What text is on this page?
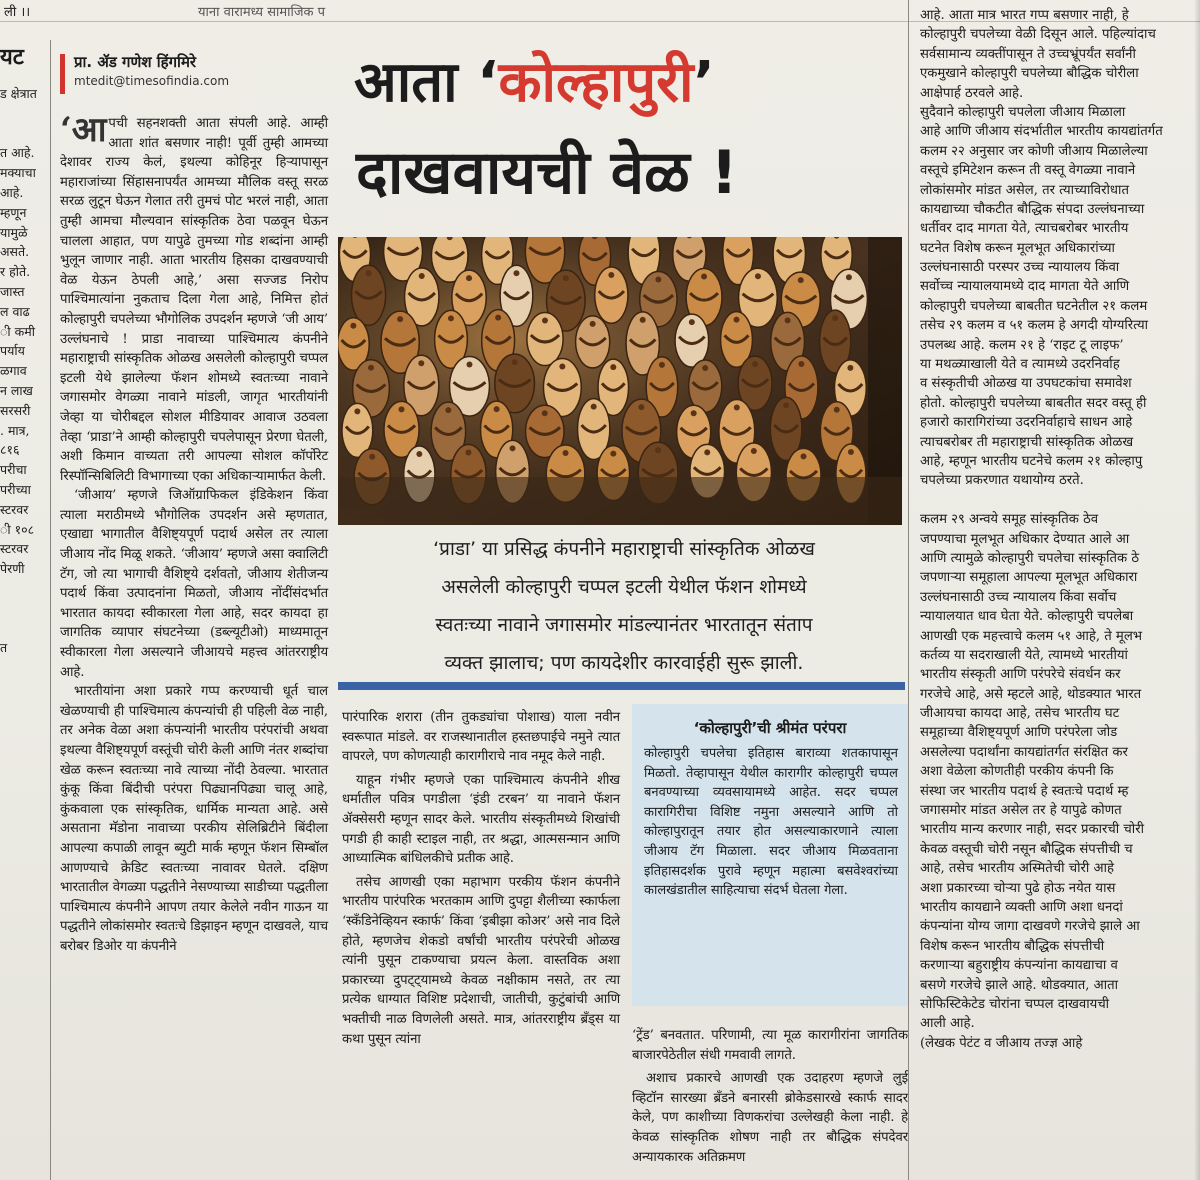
ली ।।	याना वारामध्य सामाजिक प
यट
ड क्षेत्रात
त आहे.
मक्याचा
आहे.
म्हणून
यामुळे
असते.
र होते.
जास्त
ल वाढ
ी कमी
पर्याय
ळगाव
न लाख
सरसरी
. मात्र,
८१६
परीचा
परीच्या
स्टरवर
ी १०८
स्टरवर
पेरणी
त
प्रा. ॲड गणेश हिंगमिरे
mtedit@timesofindia.com

‘आपची सहनशक्ती आता संपली आहे. आम्ही आता शांत बसणार नाही! पूर्वी तुम्ही आमच्या देशावर राज्य केलं, इथल्या कोहिनूर हिऱ्यापासून महाराजांच्या सिंहासनापर्यंत आमच्या मौलिक वस्तू सरळ सरळ लुटून घेऊन गेलात तरी तुमचं पोट भरलं नाही, आता तुम्ही आमचा मौल्यवान सांस्कृतिक ठेवा पळवून घेऊन चालला आहात, पण यापुढे तुमच्या गोड शब्दांना आम्ही भुलून जाणार नाही. आता भारतीय हिसका दाखवण्याची वेळ येऊन ठेपली आहे,’ असा सज्जड निरोप पाश्चिमात्यांना नुकताच दिला गेला आहे, निमित्त होतं कोल्हापुरी चपलेच्या भौगोलिक उपदर्शन म्हणजे ‘जी आय’ उल्लंघनाचे ! प्राडा नावाच्या पाश्चिमात्य कंपनीने महाराष्ट्राची सांस्कृतिक ओळख असलेली कोल्हापुरी चप्पल इटली येथे झालेल्या फॅशन शोमध्ये स्वतःच्या नावाने जगासमोर वेगळ्या नावाने मांडली, जागृत भारतीयांनी जेव्हा या चोरीबद्दल सोशल मीडियावर आवाज उठवला तेव्हा ‘प्राडा’ने आम्ही कोल्हापुरी चपलेपासून प्रेरणा घेतली, अशी किमान वाच्यता तरी आपल्या सोशल कॉर्पोरेट रिस्पॉन्सिबिलिटी विभागाच्या एका अधिकाऱ्यामार्फत केली.

‘जीआय’ म्हणजे जिऑग्राफिकल इंडिकेशन किंवा त्याला मराठीमध्ये भौगोलिक उपदर्शन असे म्हणतात, एखाद्या भागातील वैशिष्ट्यपूर्ण पदार्थ असेल तर त्याला जीआय नोंद मिळू शकते. ‘जीआय’ म्हणजे असा क्वालिटी टॅग, जो त्या भागाची वैशिष्ट्ये दर्शवतो, जीआय शेतीजन्य पदार्थ किंवा उत्पादनांना मिळतो, जीआय नोंदींसंदर्भात भारतात कायदा स्वीकारला गेला आहे, सदर कायदा हा जागतिक व्यापार संघटनेच्या (डब्ल्यूटीओ) माध्यमातून स्वीकारला गेला असल्याने जीआयचे महत्त्व आंतरराष्ट्रीय आहे.

भारतीयांना अशा प्रकारे गप्प करण्याची धूर्त चाल खेळण्याची ही पाश्चिमात्य कंपन्यांची ही पहिली वेळ नाही, तर अनेक वेळा अशा कंपन्यांनी भारतीय परंपरांची अथवा इथल्या वैशिष्ट्यपूर्ण वस्तूंची चोरी केली आणि नंतर शब्दांचा खेळ करून स्वतःच्या नावे त्याच्या नोंदी ठेवल्या. भारतात कुंकू किंवा बिंदीची परंपरा पिढ्यानपिढ्या चालू आहे, कुंकवाला एक सांस्कृतिक, धार्मिक मान्यता आहे. असे असताना मॅडोना नावाच्या परकीय सेलिब्रिटीने बिंदीला आपल्या कपाळी लावून ब्युटी मार्क म्हणून फॅशन सिम्बॉल आणण्याचे क्रेडिट स्वतःच्या नावावर घेतले. दक्षिण भारतातील वेगळ्या पद्धतीने नेसण्याच्या साडीच्या पद्धतीला पाश्चिमात्य कंपनीने आपण तयार केलेले नवीन गाऊन या पद्धतीने लोकांसमोर स्वतःचे डिझाइन म्हणून दाखवले, याच बरोबर डिओर या कंपनीने

आता ‘कोल्हापुरी’
दाखवायची वेळ !
‘प्राडा’ या प्रसिद्ध कंपनीने महाराष्ट्राची सांस्कृतिक ओळख
असलेली कोल्हापुरी चप्पल इटली येथील फॅशन शोमध्ये
स्वतःच्या नावाने जगासमोर मांडल्यानंतर भारतातून संताप
व्यक्त झालाच; पण कायदेशीर कारवाईही सुरू झाली.

पारंपारिक शरारा (तीन तुकड्यांचा पोशाख) याला नवीन स्वरूपात मांडले. वर राजस्थानातील हस्तछपाईचे नमुने त्यात वापरले, पण कोणत्याही कारागीराचे नाव नमूद केले नाही.

याहून गंभीर म्हणजे एका पाश्चिमात्य कंपनीने शीख धर्मातील पवित्र पगडीला ‘इंडी टरबन’ या नावाने फॅशन ॲक्सेसरी म्हणून सादर केले. भारतीय संस्कृतीमध्ये शिखांची पगडी ही काही स्टाइल नाही, तर श्रद्धा, आत्मसन्मान आणि आध्यात्मिक बांधिलकीचे प्रतीक आहे.

तसेच आणखी एका महाभाग परकीय फॅशन कंपनीने भारतीय पारंपरिक भरतकाम आणि दुपट्टा शैलीच्या स्कार्फला ‘स्कॅंडिनेव्हियन स्कार्फ’ किंवा ‘इबीझा कोअर’ असे नाव दिले होते, म्हणजेच शेकडो वर्षांची भारतीय परंपरेची ओळख त्यांनी पुसून टाकण्याचा प्रयत्न केला. वास्तविक अशा प्रकारच्या दुपट्ट्यामध्ये केवळ नक्षीकाम नसते, तर त्या प्रत्येक धाग्यात विशिष्ट प्रदेशाची, जातीची, कुटुंबांची आणि भक्तीची नाळ विणलेली असते. मात्र, आंतरराष्ट्रीय ब्रॅंड्स या कथा पुसून त्यांना

‘कोल्हापुरी’ची श्रीमंत परंपरा

कोल्हापुरी चपलेचा इतिहास बाराव्या शतकापासून मिळतो. तेव्हापासून येथील कारागीर कोल्हापुरी चप्पल बनवण्याच्या व्यवसायामध्ये आहेत. सदर चप्पल कारागिरीचा विशिष्ट नमुना असल्याने आणि तो कोल्हापुरातून तयार होत असल्याकारणाने त्याला जीआय टॅग मिळाला. सदर जीआय मिळवताना इतिहासदर्शक पुरावे म्हणून महात्मा बसवेश्वरांच्या कालखंडातील साहित्याचा संदर्भ घेतला गेला.

‘ट्रेंड’ बनवतात. परिणामी, त्या मूळ कारागीरांना जागतिक बाजारपेठेतील संधी गमवावी लागते.

अशाच प्रकारचे आणखी एक उदाहरण म्हणजे लुई व्हिटॉन सारख्या ब्रॅंडने बनारसी ब्रोकेडसारखे स्कार्फ सादर केले, पण काशीच्या विणकरांचा उल्लेखही केला नाही. हे केवळ सांस्कृतिक शोषण नाही तर बौद्धिक संपदेवर अन्यायकारक अतिक्रमण

आहे. आता मात्र भारत गप्प बसणार नाही, हे
कोल्हापुरी चपलेच्या वेळी दिसून आले. पहिल्यांदाच
सर्वसामान्य व्यक्तींपासून ते उच्चभ्रूंपर्यंत सर्वांनी
एकमुखाने कोल्हापुरी चपलेच्या बौद्धिक चोरीला
आक्षेपार्ह ठरवले आहे.
सुदैवाने कोल्हापुरी चपलेला जीआय मिळाला
आहे आणि जीआय संदर्भातील भारतीय कायद्यांतर्गत
कलम २२ अनुसार जर कोणी जीआय मिळालेल्या
वस्तूचे इमिटेशन करून ती वस्तू वेगळ्या नावाने
लोकांसमोर मांडत असेल, तर त्याच्याविरोधात
कायद्याच्या चौकटीत बौद्धिक संपदा उल्लंघनाच्या
धर्तीवर दाद मागता येते, त्याचबरोबर भारतीय
घटनेत विशेष करून मूलभूत अधिकारांच्या
उल्लंघनासाठी परस्पर उच्च न्यायालय किंवा
सर्वोच्च न्यायालयामध्ये दाद मागता येते आणि
कोल्हापुरी चपलेच्या बाबतीत घटनेतील २१ कलम
तसेच २९ कलम व ५१ कलम हे अगदी योग्यरित्या
उपलब्ध आहे. कलम २१ हे ‘राइट टू लाइफ’
या मथळ्याखाली येते व त्यामध्ये उदरनिर्वाह
व संस्कृतीची ओळख या उपघटकांचा समावेश
होतो. कोल्हापुरी चपलेच्या बाबतीत सदर वस्तू ही
हजारो कारागिरांच्या उदरनिर्वाहाचे साधन आहे
त्याचबरोबर ती महाराष्ट्राची सांस्कृतिक ओळख
आहे, म्हणून भारतीय घटनेचे कलम २१ कोल्हापु
चपलेच्या प्रकरणात यथायोग्य ठरते.
कलम २९ अन्वये समूह सांस्कृतिक ठेव
जपण्याचा मूलभूत अधिकार देण्यात आले आ
आणि त्यामुळे कोल्हापुरी चपलेचा सांस्कृतिक ठे
जपणाऱ्या समूहाला आपल्या मूलभूत अधिकारा
उल्लंघनासाठी उच्च न्यायालय किंवा सर्वोच
न्यायालयात धाव घेता येते. कोल्हापुरी चपलेबा
आणखी एक महत्त्वाचे कलम ५१ आहे, ते मूलभ
कर्तव्य या सदराखाली येते, त्यामध्ये भारतीयां
भारतीय संस्कृती आणि परंपरेचे संवर्धन कर
गरजेचे आहे, असे म्हटले आहे, थोडक्यात भारत
जीआयचा कायदा आहे, तसेच भारतीय घट
समूहाच्या वैशिष्ट्यपूर्ण आणि परंपरेला जोड
असलेल्या पदार्थांना कायद्यांतर्गत संरक्षित कर
अशा वेळेला कोणतीही परकीय कंपनी कि
संस्था जर भारतीय पदार्थ हे स्वतःचे पदार्थ म्ह
जगासमोर मांडत असेल तर हे यापुढे कोणत
भारतीय मान्य करणार नाही, सदर प्रकारची चोरी
केवळ वस्तूची चोरी नसून बौद्धिक संपत्तीची च
आहे, तसेच भारतीय अस्मितेची चोरी आहे
अशा प्रकारच्या चोऱ्या पुढे होऊ नयेत यास
भारतीय कायद्याने व्यक्ती आणि अशा धनदां
कंपन्यांना योग्य जागा दाखवणे गरजेचे झाले आ
विशेष करून भारतीय बौद्धिक संपत्तीची
करणाऱ्या बहुराष्ट्रीय कंपन्यांना कायद्याचा व
बसणे गरजेचे झाले आहे. थोडक्यात, आता
सोफिस्टिकेटेड चोरांना चप्पल दाखवायची
आली आहे.
(लेखक पेटंट व जीआय तज्ज्ञ आहे
